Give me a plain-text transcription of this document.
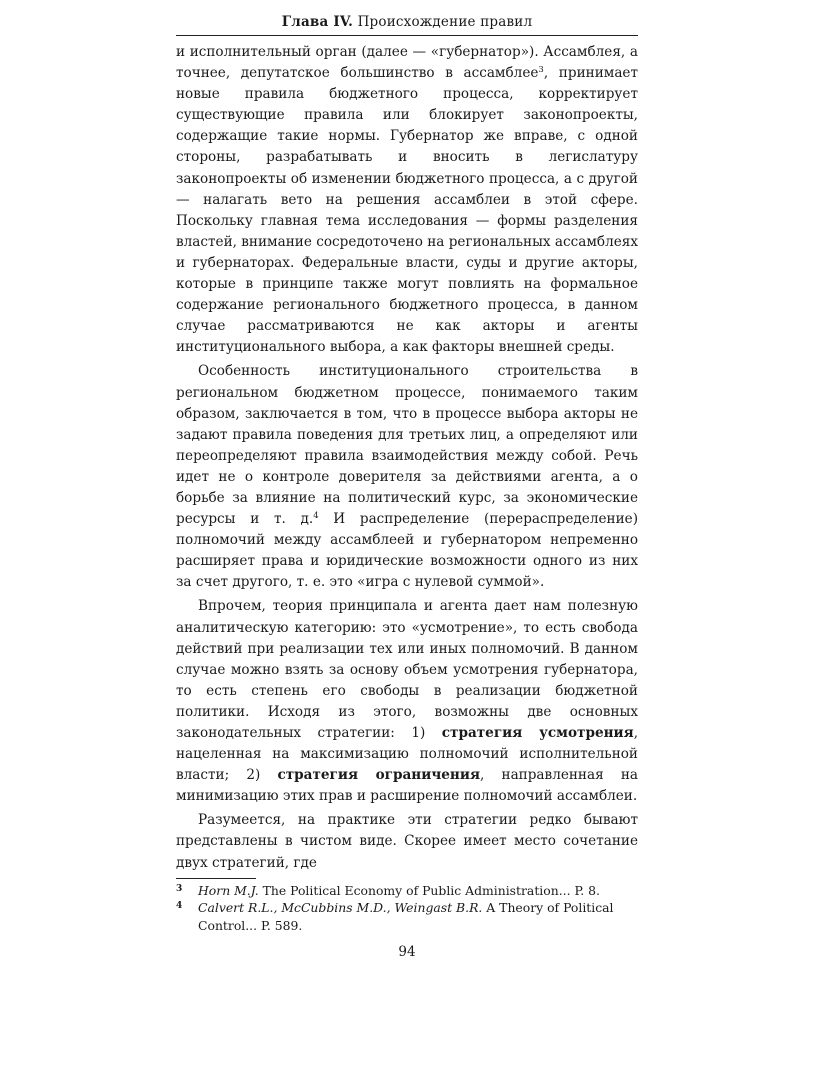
Глава IV. Происхождение правил

и исполнительный орган (далее — «губернатор»). Ассамблея, а точнее, депутатское большинство в ассамблее$^3$, принимает новые правила бюджетного процесса, корректирует существующие правила или блокирует законопроекты, содержащие такие нормы. Губернатор же вправе, с одной стороны, разрабатывать и вносить в легислатуру законопроекты об изменении бюджетного процесса, а с другой — налагать вето на решения ассамблеи в этой сфере. Поскольку главная тема исследования — формы разделения властей, внимание сосредоточено на региональных ассамблеях и губернаторах. Федеральные власти, суды и другие акторы, которые в принципе также могут повлиять на формальное содержание регионального бюджетного процесса, в данном случае рассматриваются не как акторы и агенты институционального выбора, а как факторы внешней среды.

Особенность институционального строительства в региональном бюджетном процессе, понимаемого таким образом, заключается в том, что в процессе выбора акторы не задают правила поведения для третьих лиц, а определяют или переопределяют правила взаимодействия между собой. Речь идет не о контроле доверителя за действиями агента, а о борьбе за влияние на политический курс, за экономические ресурсы и т. д.$^4$ И распределение (перераспределение) полномочий между ассамблеей и губернатором непременно расширяет права и юридические возможности одного из них за счет другого, т. е. это «игра с нулевой суммой».

Впрочем, теория принципала и агента дает нам полезную аналитическую категорию: это «усмотрение», то есть свобода действий при реализации тех или иных полномочий. В данном случае можно взять за основу объем усмотрения губернатора, то есть степень его свободы в реализации бюджетной политики. Исходя из этого, возможны две основных законодательных стратегии: 1) стратегия усмотрения, нацеленная на максимизацию полномочий исполнительной власти; 2) стратегия ограничения, направленная на минимизацию этих прав и расширение полномочий ассамблеи.

Разумеется, на практике эти стратегии редко бывают представлены в чистом виде. Скорее имеет место сочетание двух стратегий, где

3	Horn M.J. The Political Economy of Public Administration... P. 8.
4	Calvert R.L., McCubbins M.D., Weingast B.R. A Theory of Political Control... P. 589.
94
